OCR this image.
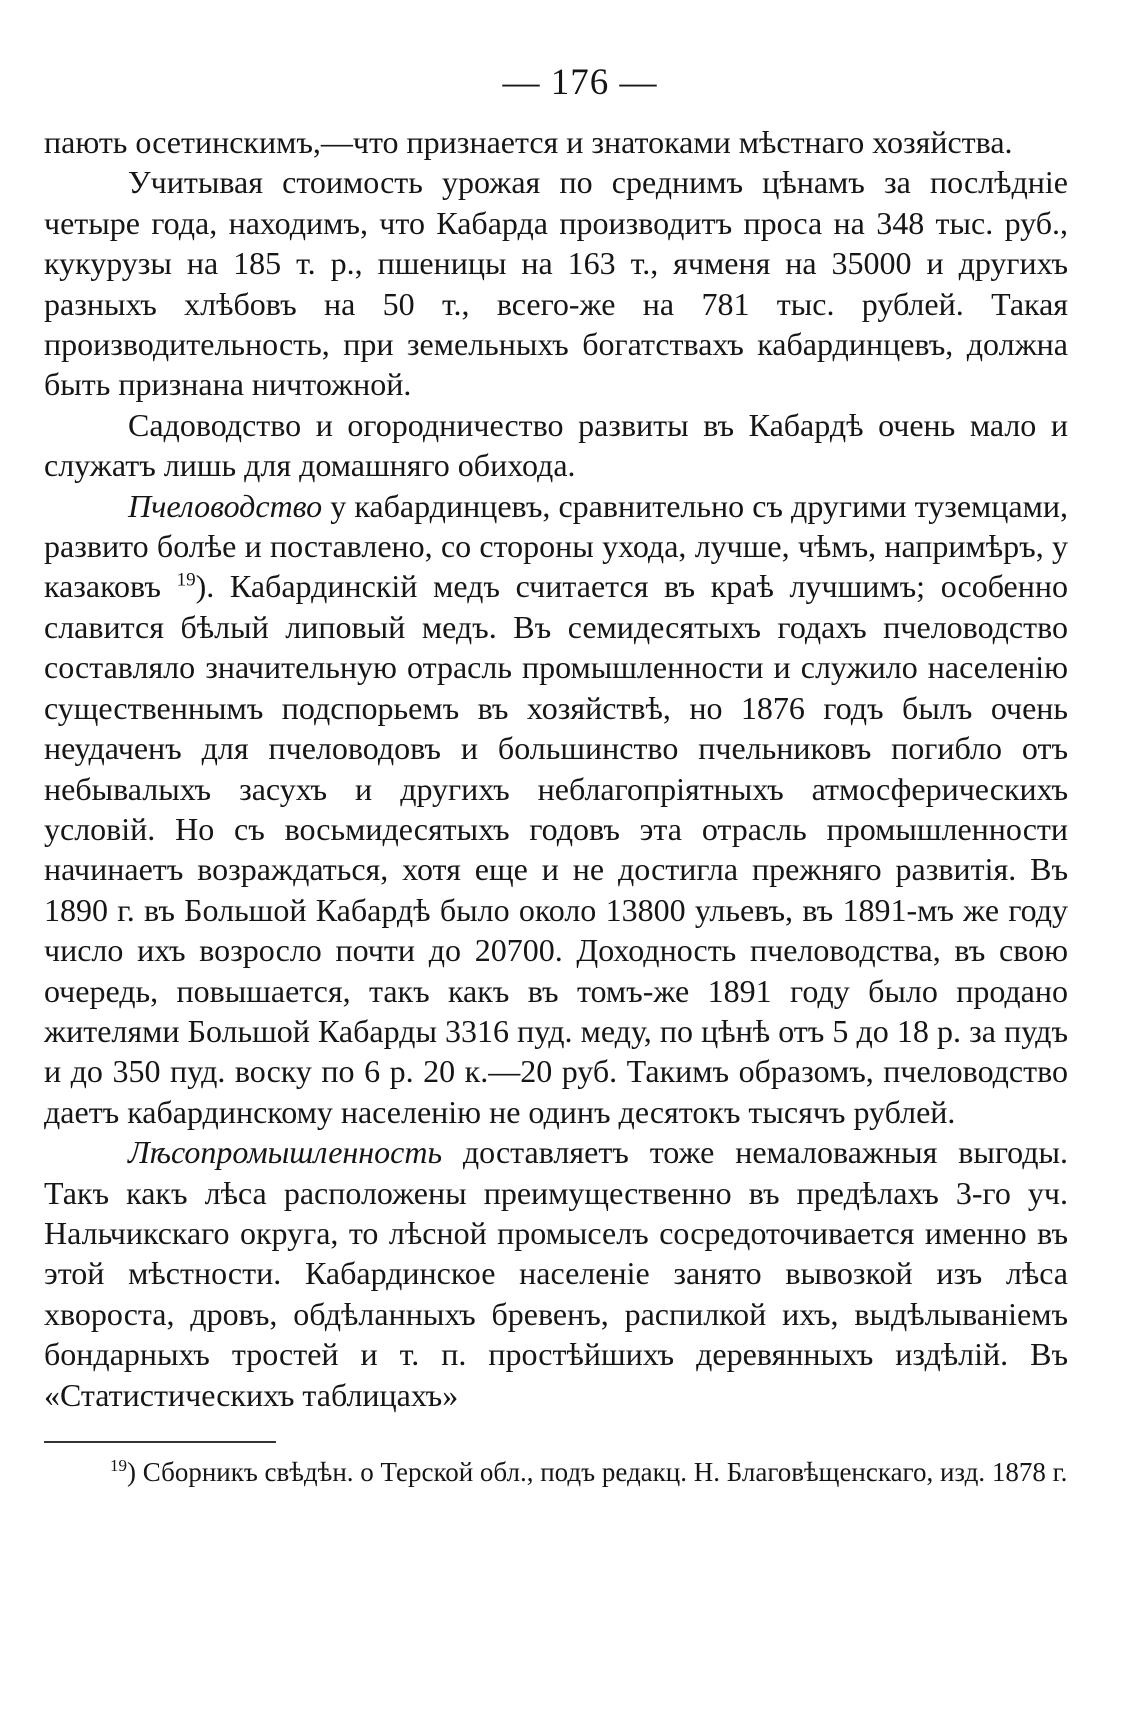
— 176 —

пають осетинскимъ,—что признается и знатоками мѣстнаго хозяйства.

Учитывая стоимость урожая по среднимъ цѣнамъ за послѣдніе четыре года, находимъ, что Кабарда производитъ проса на 348 тыс. руб., кукурузы на 185 т. р., пшеницы на 163 т., ячменя на 35000 и другихъ разныхъ хлѣбовъ на 50 т., всего-же на 781 тыс. рублей. Такая производительность, при земельныхъ богатствахъ кабардинцевъ, должна быть признана ничтожной.

Садоводство и огородничество развиты въ Кабардѣ очень мало и служатъ лишь для домашняго обихода.

Пчеловодство у кабардинцевъ, сравнительно съ другими туземцами, развито болѣе и поставлено, со стороны ухода, лучше, чѣмъ, напримѣръ, у казаковъ $^{19}$). Кабардинскій медъ считается въ краѣ лучшимъ; особенно славится бѣлый липовый медъ. Въ семидесятыхъ годахъ пчеловодство составляло значительную отрасль промышленности и служило населенію существеннымъ подспорьемъ въ хозяйствѣ, но 1876 годъ былъ очень неудаченъ для пчеловодовъ и большинство пчельниковъ погибло отъ небывалыхъ засухъ и другихъ неблагопріятныхъ атмосферическихъ условій. Но съ восьмидесятыхъ годовъ эта отрасль промышленности начинаетъ возраждаться, хотя еще и не достигла прежняго развитія. Въ 1890 г. въ Большой Кабардѣ было около 13800 ульевъ, въ 1891-мъ же году число ихъ возросло почти до 20700. Доходность пчеловодства, въ свою очередь, повышается, такъ какъ въ томъ-же 1891 году было продано жителями Большой Кабарды 3316 пуд. меду, по цѣнѣ отъ 5 до 18 р. за пудъ и до 350 пуд. воску по 6 р. 20 к.—20 руб. Такимъ образомъ, пчеловодство даетъ кабардинскому населенію не одинъ десятокъ тысячъ рублей.

Лѣсопромышленность доставляетъ тоже немаловажныя выгоды. Такъ какъ лѣса расположены преимущественно въ предѣлахъ 3-го уч. Нальчикскаго округа, то лѣсной промыселъ сосредоточивается именно въ этой мѣстности. Кабардинское населеніе занято вывозкой изъ лѣса хвороста, дровъ, обдѣланныхъ бревенъ, распилкой ихъ, выдѣлываніемъ бондарныхъ тростей и т. п. простѣйшихъ деревянныхъ издѣлій. Въ «Статистическихъ таблицахъ»

$^{19}$) Сборникъ свѣдѣн. о Терской обл., подъ редакц. Н. Благовѣщенскаго, изд. 1878 г.
